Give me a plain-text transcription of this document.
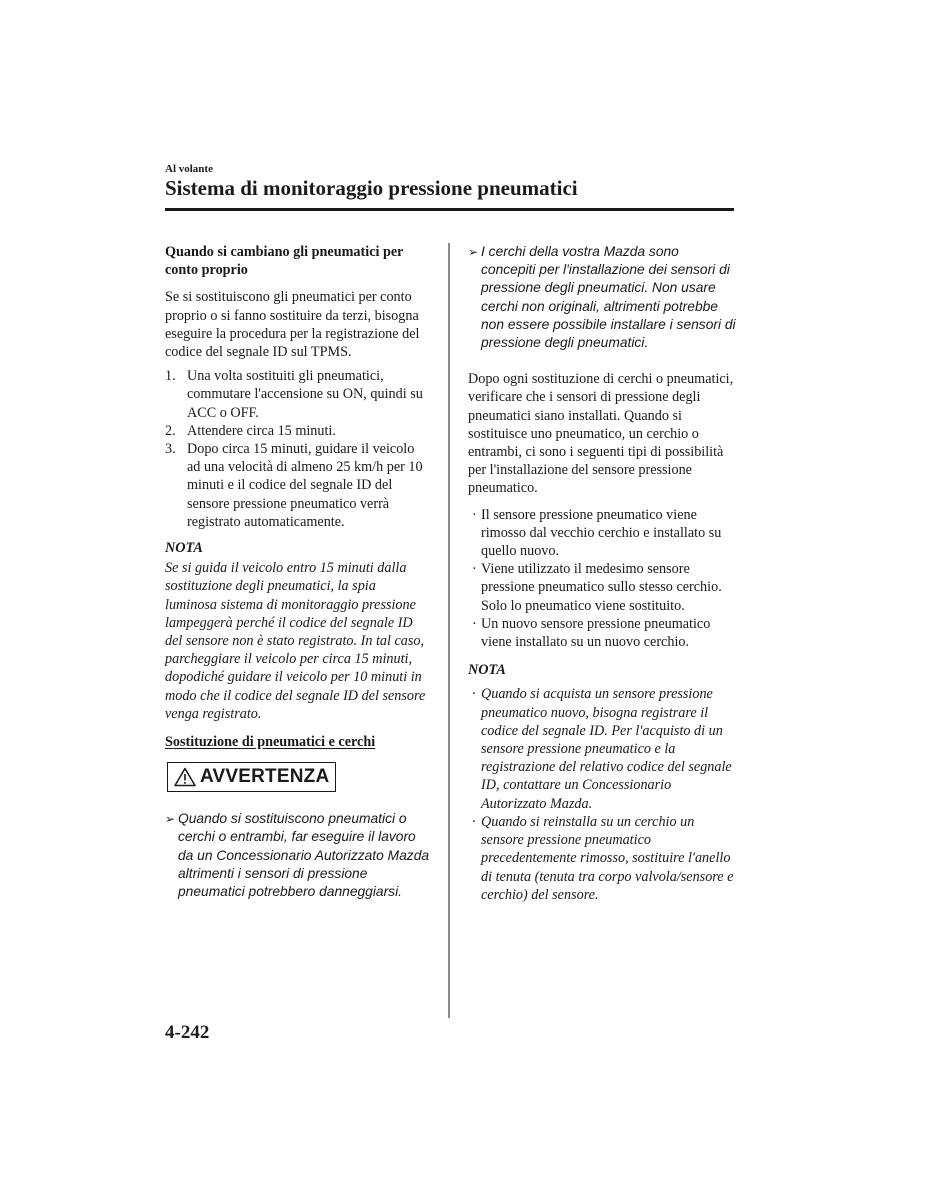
Al volante
Sistema di monitoraggio pressione pneumatici

Quando si cambiano gli pneumatici per conto proprio

Se si sostituiscono gli pneumatici per conto proprio o si fanno sostituire da terzi, bisogna eseguire la procedura per la registrazione del codice del segnale ID sul TPMS.

1. Una volta sostituiti gli pneumatici, commutare l'accensione su ON, quindi su ACC o OFF.
2. Attendere circa 15 minuti.
3. Dopo circa 15 minuti, guidare il veicolo ad una velocità di almeno 25 km/h per 10 minuti e il codice del segnale ID del sensore pressione pneumatico verrà registrato automaticamente.

NOTA

Se si guida il veicolo entro 15 minuti dalla sostituzione degli pneumatici, la spia luminosa sistema di monitoraggio pressione lampeggerà perché il codice del segnale ID del sensore non è stato registrato. In tal caso, parcheggiare il veicolo per circa 15 minuti, dopodiché guidare il veicolo per 10 minuti in modo che il codice del segnale ID del sensore venga registrato.

Sostituzione di pneumatici e cerchi

AVVERTENZA
➢ Quando si sostituiscono pneumatici o cerchi o entrambi, far eseguire il lavoro da un Concessionario Autorizzato Mazda altrimenti i sensori di pressione pneumatici potrebbero danneggiarsi.
➢ I cerchi della vostra Mazda sono concepiti per l'installazione dei sensori di pressione degli pneumatici. Non usare cerchi non originali, altrimenti potrebbe non essere possibile installare i sensori di pressione degli pneumatici.

Dopo ogni sostituzione di cerchi o pneumatici, verificare che i sensori di pressione degli pneumatici siano installati. Quando si sostituisce uno pneumatico, un cerchio o entrambi, ci sono i seguenti tipi di possibilità per l'installazione del sensore pressione pneumatico.

· Il sensore pressione pneumatico viene rimosso dal vecchio cerchio e installato su quello nuovo.
· Viene utilizzato il medesimo sensore pressione pneumatico sullo stesso cerchio. Solo lo pneumatico viene sostituito.
· Un nuovo sensore pressione pneumatico viene installato su un nuovo cerchio.

NOTA

· Quando si acquista un sensore pressione pneumatico nuovo, bisogna registrare il codice del segnale ID. Per l'acquisto di un sensore pressione pneumatico e la registrazione del relativo codice del segnale ID, contattare un Concessionario Autorizzato Mazda.
· Quando si reinstalla su un cerchio un sensore pressione pneumatico precedentemente rimosso, sostituire l'anello di tenuta (tenuta tra corpo valvola/sensore e cerchio) del sensore.
4-242
